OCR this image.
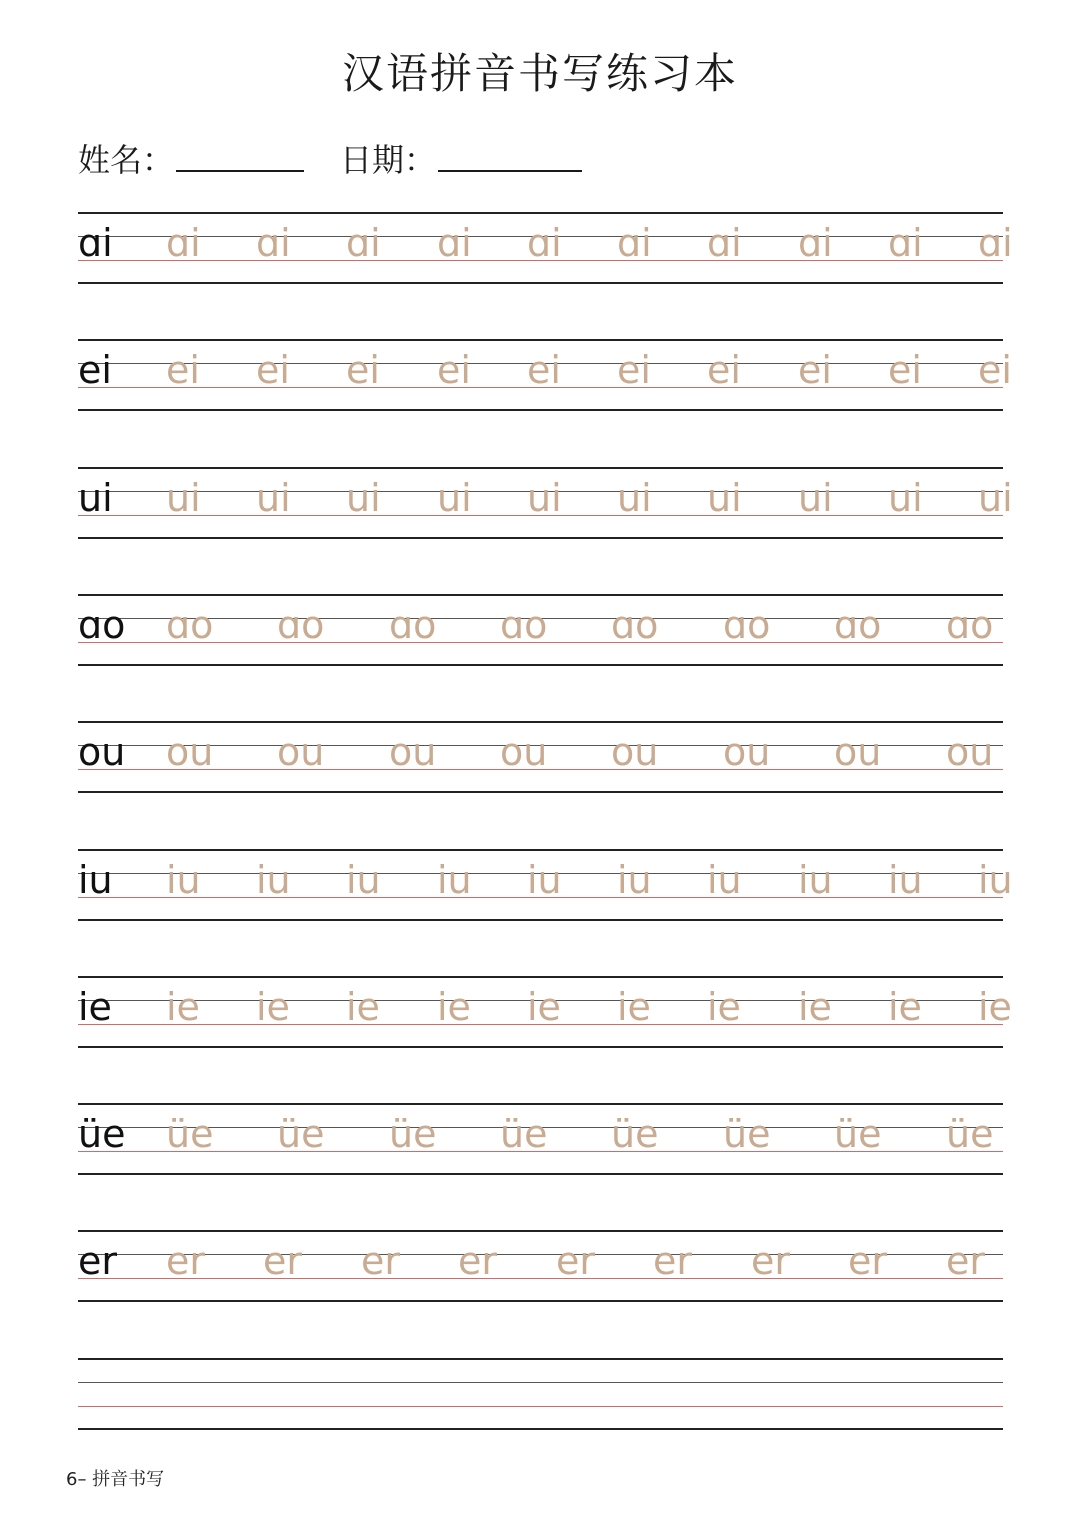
汉语拼音书写练习本
姓名：	日期：
ɑi ɑi ɑi ɑi ɑi ɑi ɑi ɑi ɑi ɑi ɑi
ei ei ei ei ei ei ei ei ei ei ei
ui ui ui ui ui ui ui ui ui ui ui
ɑo ɑo ɑo ɑo ɑo ɑo ɑo ɑo ɑo
ou ou ou ou ou ou ou ou ou
iu iu iu iu iu iu iu iu iu iu iu
ie ie ie ie ie ie ie ie ie ie ie
üe üe üe üe üe üe üe üe üe
er er er er er er er er er er
6– 拼音书写
